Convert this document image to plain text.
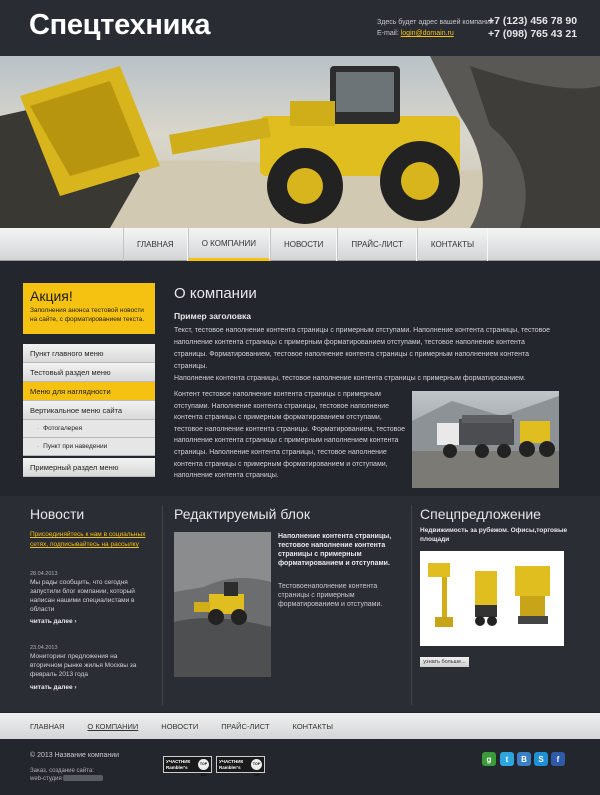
Спецтехника	Здесь будет адрес вашей компании
E-mail: login@domain.ru
+7 (123) 456 78 90
+7 (098) 765 43 21
ГЛАВНАЯ	О КОМПАНИИ	НОВОСТИ	ПРАЙС-ЛИСТ	КОНТАКТЫ
Акция!
Заполнения анонса тестовой новости на сайте, с форматированием текста.
Пункт главного меню
Тестовый раздел меню
Меню для наглядности
Вертикальное меню сайта
· Фотогалерея
· Пункт при наведении
Примерный раздел меню
О компании
Пример заголовка
Текст, тестовое наполнение контента страницы с примерным отступами. Наполнение контента страницы, тестовое наполнение контента страницы с примерным форматированием отступами, тестовое наполнение контента страницы. Форматированием, тестовое наполнение контента страницы с примерным наполнением контента страницы.
Наполнение контента страницы, тестовое наполнение контента страницы с примерным форматированием.
Контент тестовое наполнение контента страницы с примерным отступами. Наполнение контента страницы, тестовое наполнение контента страницы с примерным форматированием отступами, тестовое наполнение контента страницы. Форматированием, тестовое наполнение контента страницы с примерным наполнением контента страницы. Наполнение контента страницы, тестовое наполнение контента страницы с примерным форматированием и отступами, наполнение контента страницы.
Новости
Присоединяйтесь к нам в социальных сетях, подписывайтесь на рассылку
28.04.2013
Мы рады сообщить, что сегодня запустили блог компании, который написан нашими специалистами в области
читать далее ›
23.04.2013
Мониторинг предложения на вторичном рынке жилья Москвы за февраль 2013 года
читать далее ›
Редактируемый блок
Наполнение контента страницы, тестовое наполнение контента страницы с примерным форматированием и отступами.
Тестовоенаполнение контента страницы с примерным форматированием и отступами.
Спецпредложение
Недвижимость за рубежом. Офисы,торговые площади
узнать больше...
ГЛАВНАЯ	О КОМПАНИИ	НОВОСТИ	ПРАЙС-ЛИСТ	КОНТАКТЫ
© 2013 Название компании
Заказ, создание сайта:
web-студия
УЧАСТНИК
Rambler's
TOP 100
УЧАСТНИК
Rambler's
TOP 100
g	t	B	S	f
